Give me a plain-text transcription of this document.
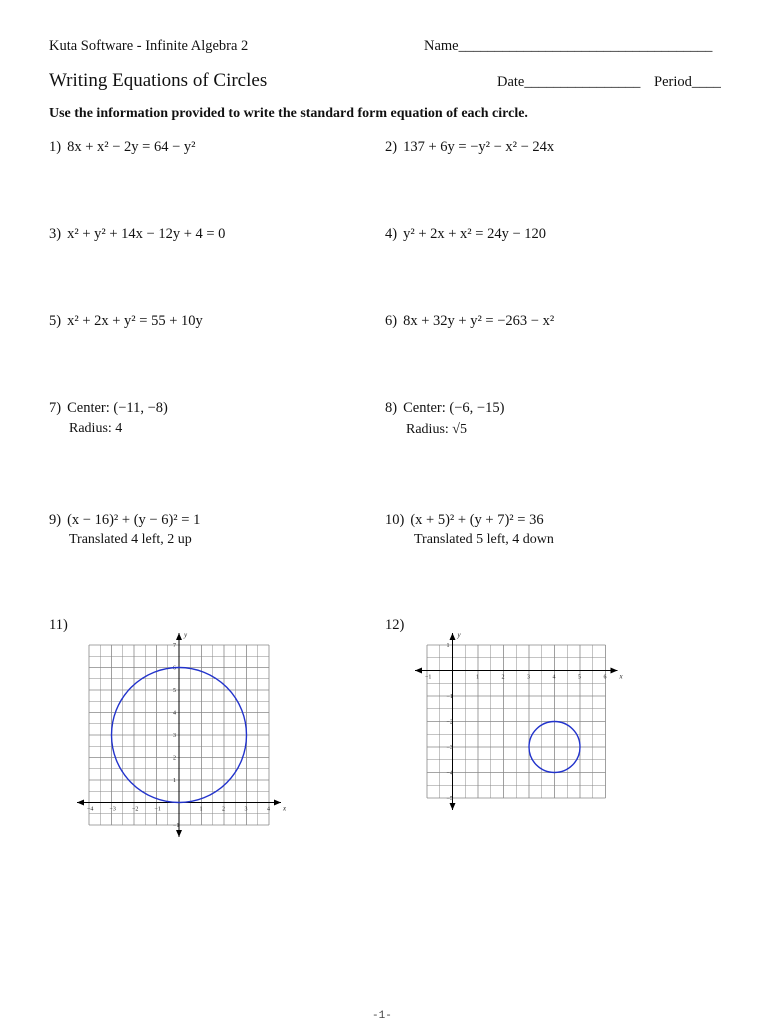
Kuta Software - Infinite Algebra 2	Name___________________________________
Writing Equations of Circles	Date________________ Period____
Use the information provided to write the standard form equation of each circle.
1) 8x + x² − 2y = 64 − y²	2) 137 + 6y = −y² − x² − 24x
3) x² + y² + 14x − 12y + 4 = 0	4) y² + 2x + x² = 24y − 120
5) x² + 2x + y² = 55 + 10y	6) 8x + 32y + y² = −263 − x²
7) Center: (−11, −8)
Radius: 4
8) Center: (−6, −15)
Radius: √5
9) (x − 16)² + (y − 6)² = 1
Translated 4 left, 2 up
10) (x + 5)² + (y + 7)² = 36
Translated 5 left, 4 down
11)	12)
x
y
−4	−3	−2	−1	1	2	3	4
1
2
3
4
5
6
7
−1
x
y
−1	1	2	3	4	5	6
1
−1
−2
−3
−4
−5
-1-
